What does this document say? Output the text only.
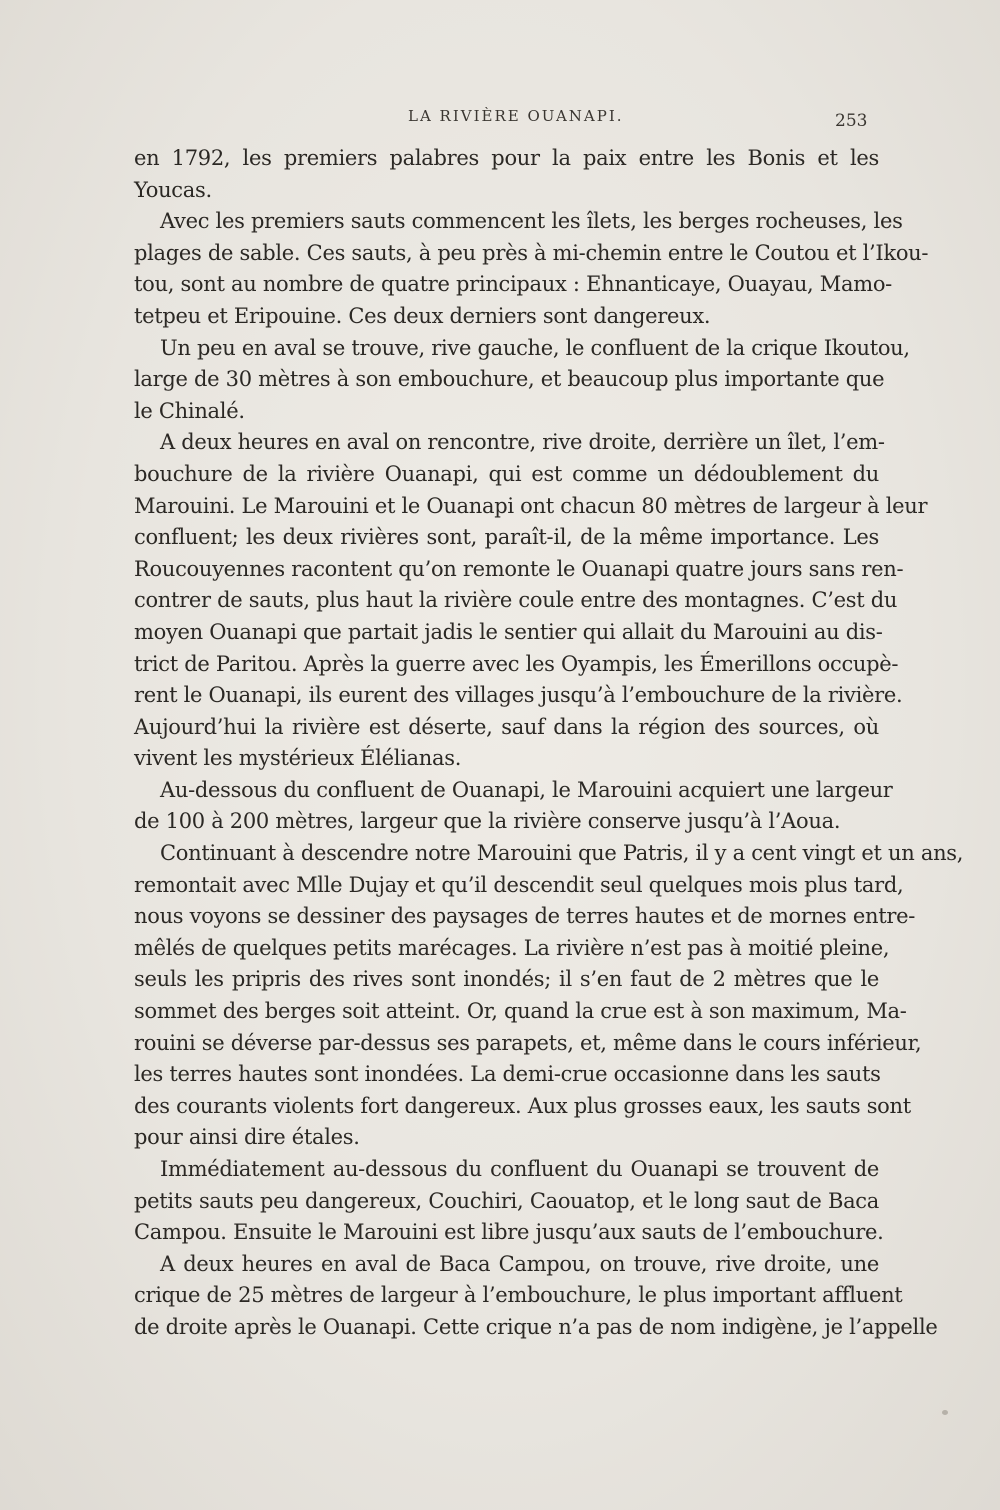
LA RIVIÈRE OUANAPI.	253
en 1792, les premiers palabres pour la paix entre les Bonis et les
Youcas.
Avec les premiers sauts commencent les îlets, les berges rocheuses, les
plages de sable. Ces sauts, à peu près à mi-chemin entre le Coutou et l’Ikou-
tou, sont au nombre de quatre principaux : Ehnanticaye, Ouayau, Mamo-
tetpeu et Eripouine. Ces deux derniers sont dangereux.
Un peu en aval se trouve, rive gauche, le confluent de la crique Ikoutou,
large de 30 mètres à son embouchure, et beaucoup plus importante que
le Chinalé.
A deux heures en aval on rencontre, rive droite, derrière un îlet, l’em-
bouchure de la rivière Ouanapi, qui est comme un dédoublement du
Marouini. Le Marouini et le Ouanapi ont chacun 80 mètres de largeur à leur
confluent; les deux rivières sont, paraît-il, de la même importance. Les
Roucouyennes racontent qu’on remonte le Ouanapi quatre jours sans ren-
contrer de sauts, plus haut la rivière coule entre des montagnes. C’est du
moyen Ouanapi que partait jadis le sentier qui allait du Marouini au dis-
trict de Paritou. Après la guerre avec les Oyampis, les Émerillons occupè-
rent le Ouanapi, ils eurent des villages jusqu’à l’embouchure de la rivière.
Aujourd’hui la rivière est déserte, sauf dans la région des sources, où
vivent les mystérieux Élélianas.
Au-dessous du confluent de Ouanapi, le Marouini acquiert une largeur
de 100 à 200 mètres, largeur que la rivière conserve jusqu’à l’Aoua.
Continuant à descendre notre Marouini que Patris, il y a cent vingt et un ans,
remontait avec Mlle Dujay et qu’il descendit seul quelques mois plus tard,
nous voyons se dessiner des paysages de terres hautes et de mornes entre-
mêlés de quelques petits marécages. La rivière n’est pas à moitié pleine,
seuls les pripris des rives sont inondés; il s’en faut de 2 mètres que le
sommet des berges soit atteint. Or, quand la crue est à son maximum, Ma-
rouini se déverse par-dessus ses parapets, et, même dans le cours inférieur,
les terres hautes sont inondées. La demi-crue occasionne dans les sauts
des courants violents fort dangereux. Aux plus grosses eaux, les sauts sont
pour ainsi dire étales.
Immédiatement au-dessous du confluent du Ouanapi se trouvent de
petits sauts peu dangereux, Couchiri, Caouatop, et le long saut de Baca
Campou. Ensuite le Marouini est libre jusqu’aux sauts de l’embouchure.
A deux heures en aval de Baca Campou, on trouve, rive droite, une
crique de 25 mètres de largeur à l’embouchure, le plus important affluent
de droite après le Ouanapi. Cette crique n’a pas de nom indigène, je l’appelle
